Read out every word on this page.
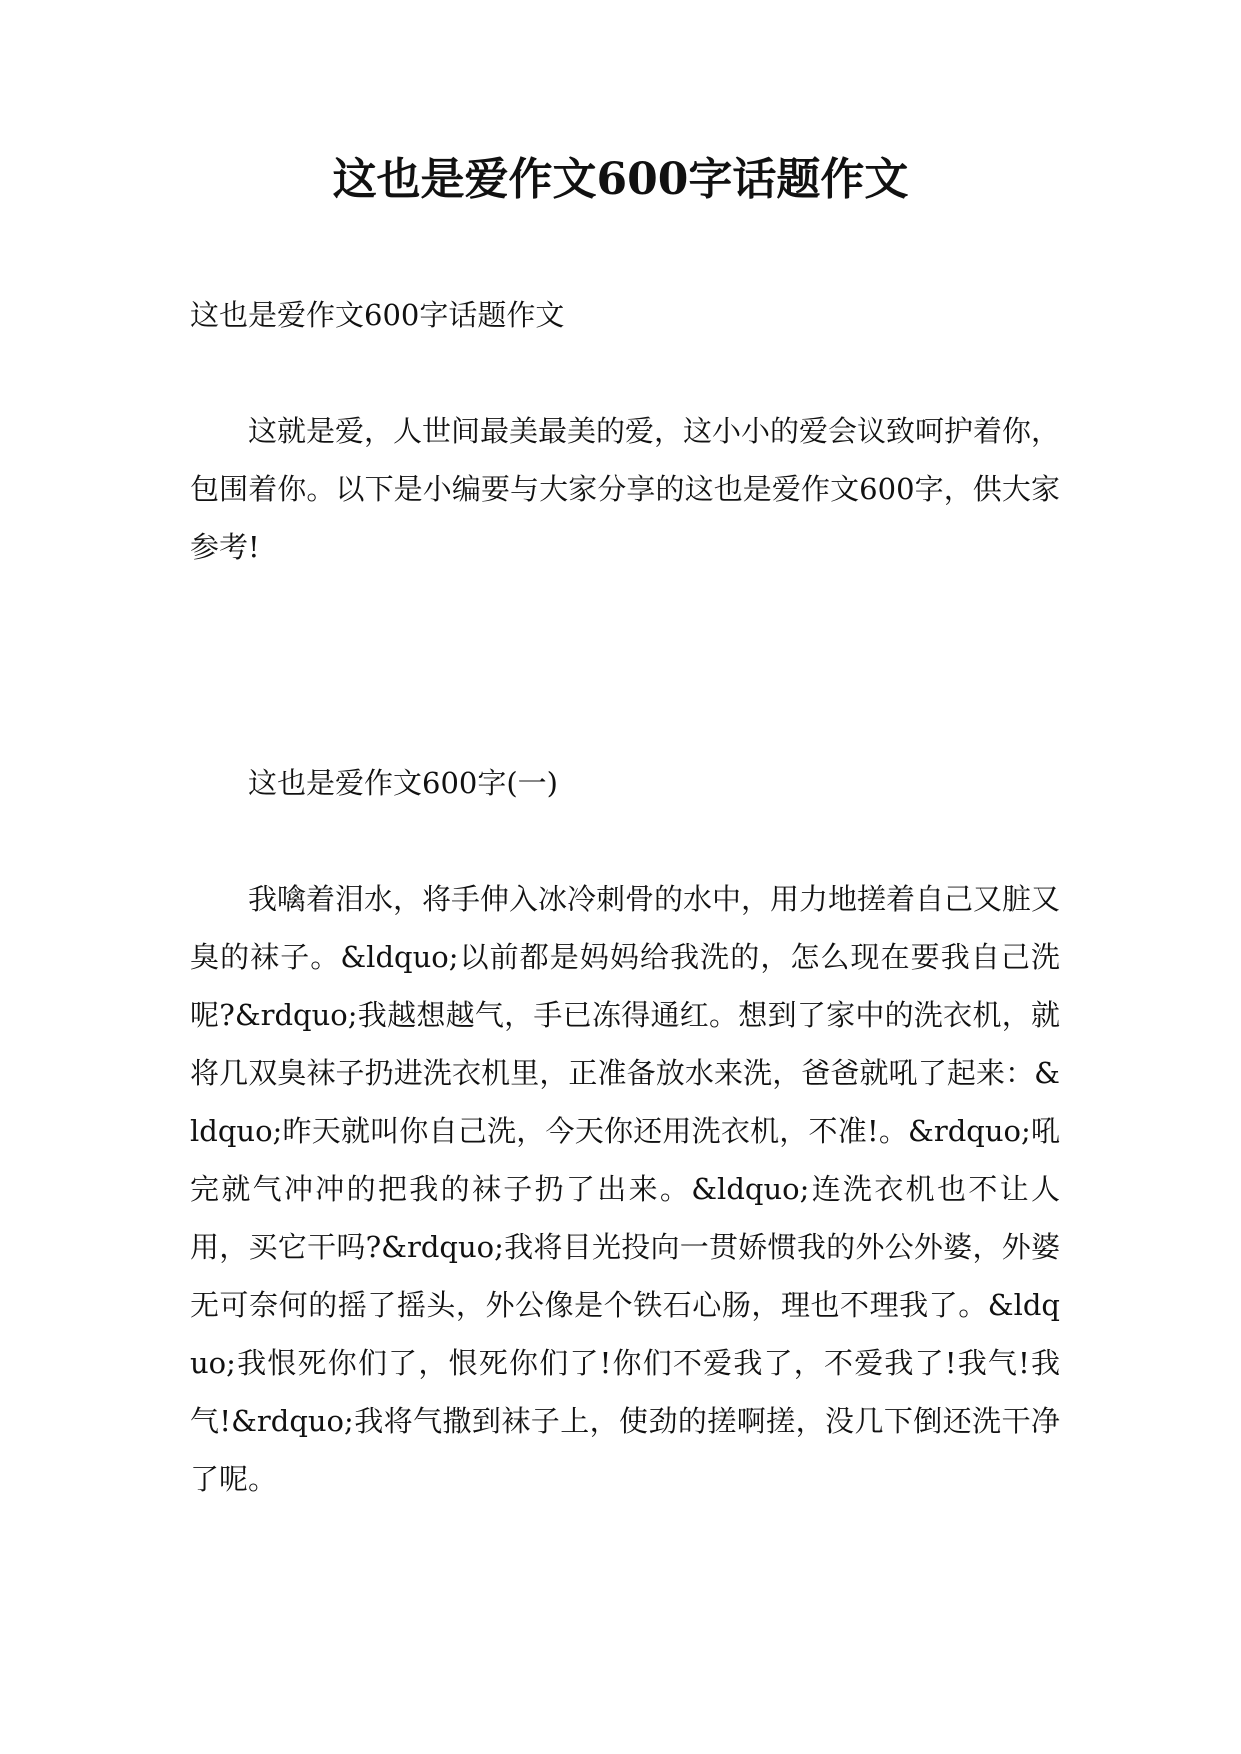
这也是爱作文600字话题作文
这也是爱作文600字话题作文
这就是爱，人世间最美最美的爱，这小小的爱会议致呵护着你，包围着你。以下是小编要与大家分享的这也是爱作文600字，供大家参考!
这也是爱作文600字(一)
我噙着泪水，将手伸入冰冷刺骨的水中，用力地搓着自己又脏又臭的袜子。&ldquo;以前都是妈妈给我洗的，怎么现在要我自己洗呢?&rdquo;我越想越气，手已冻得通红。想到了家中的洗衣机，就将几双臭袜子扔进洗衣机里，正准备放水来洗，爸爸就吼了起来：&ldquo;昨天就叫你自己洗，今天你还用洗衣机，不准!。&rdquo;吼完就气冲冲的把我的袜子扔了出来。&ldquo;连洗衣机也不让人用，买它干吗?&rdquo;我将目光投向一贯娇惯我的外公外婆，外婆无可奈何的摇了摇头，外公像是个铁石心肠，理也不理我了。&ldquo;我恨死你们了，恨死你们了!你们不爱我了，不爱我了!我气!我气!&rdquo;我将气撒到袜子上，使劲的搓啊搓，没几下倒还洗干净了呢。
